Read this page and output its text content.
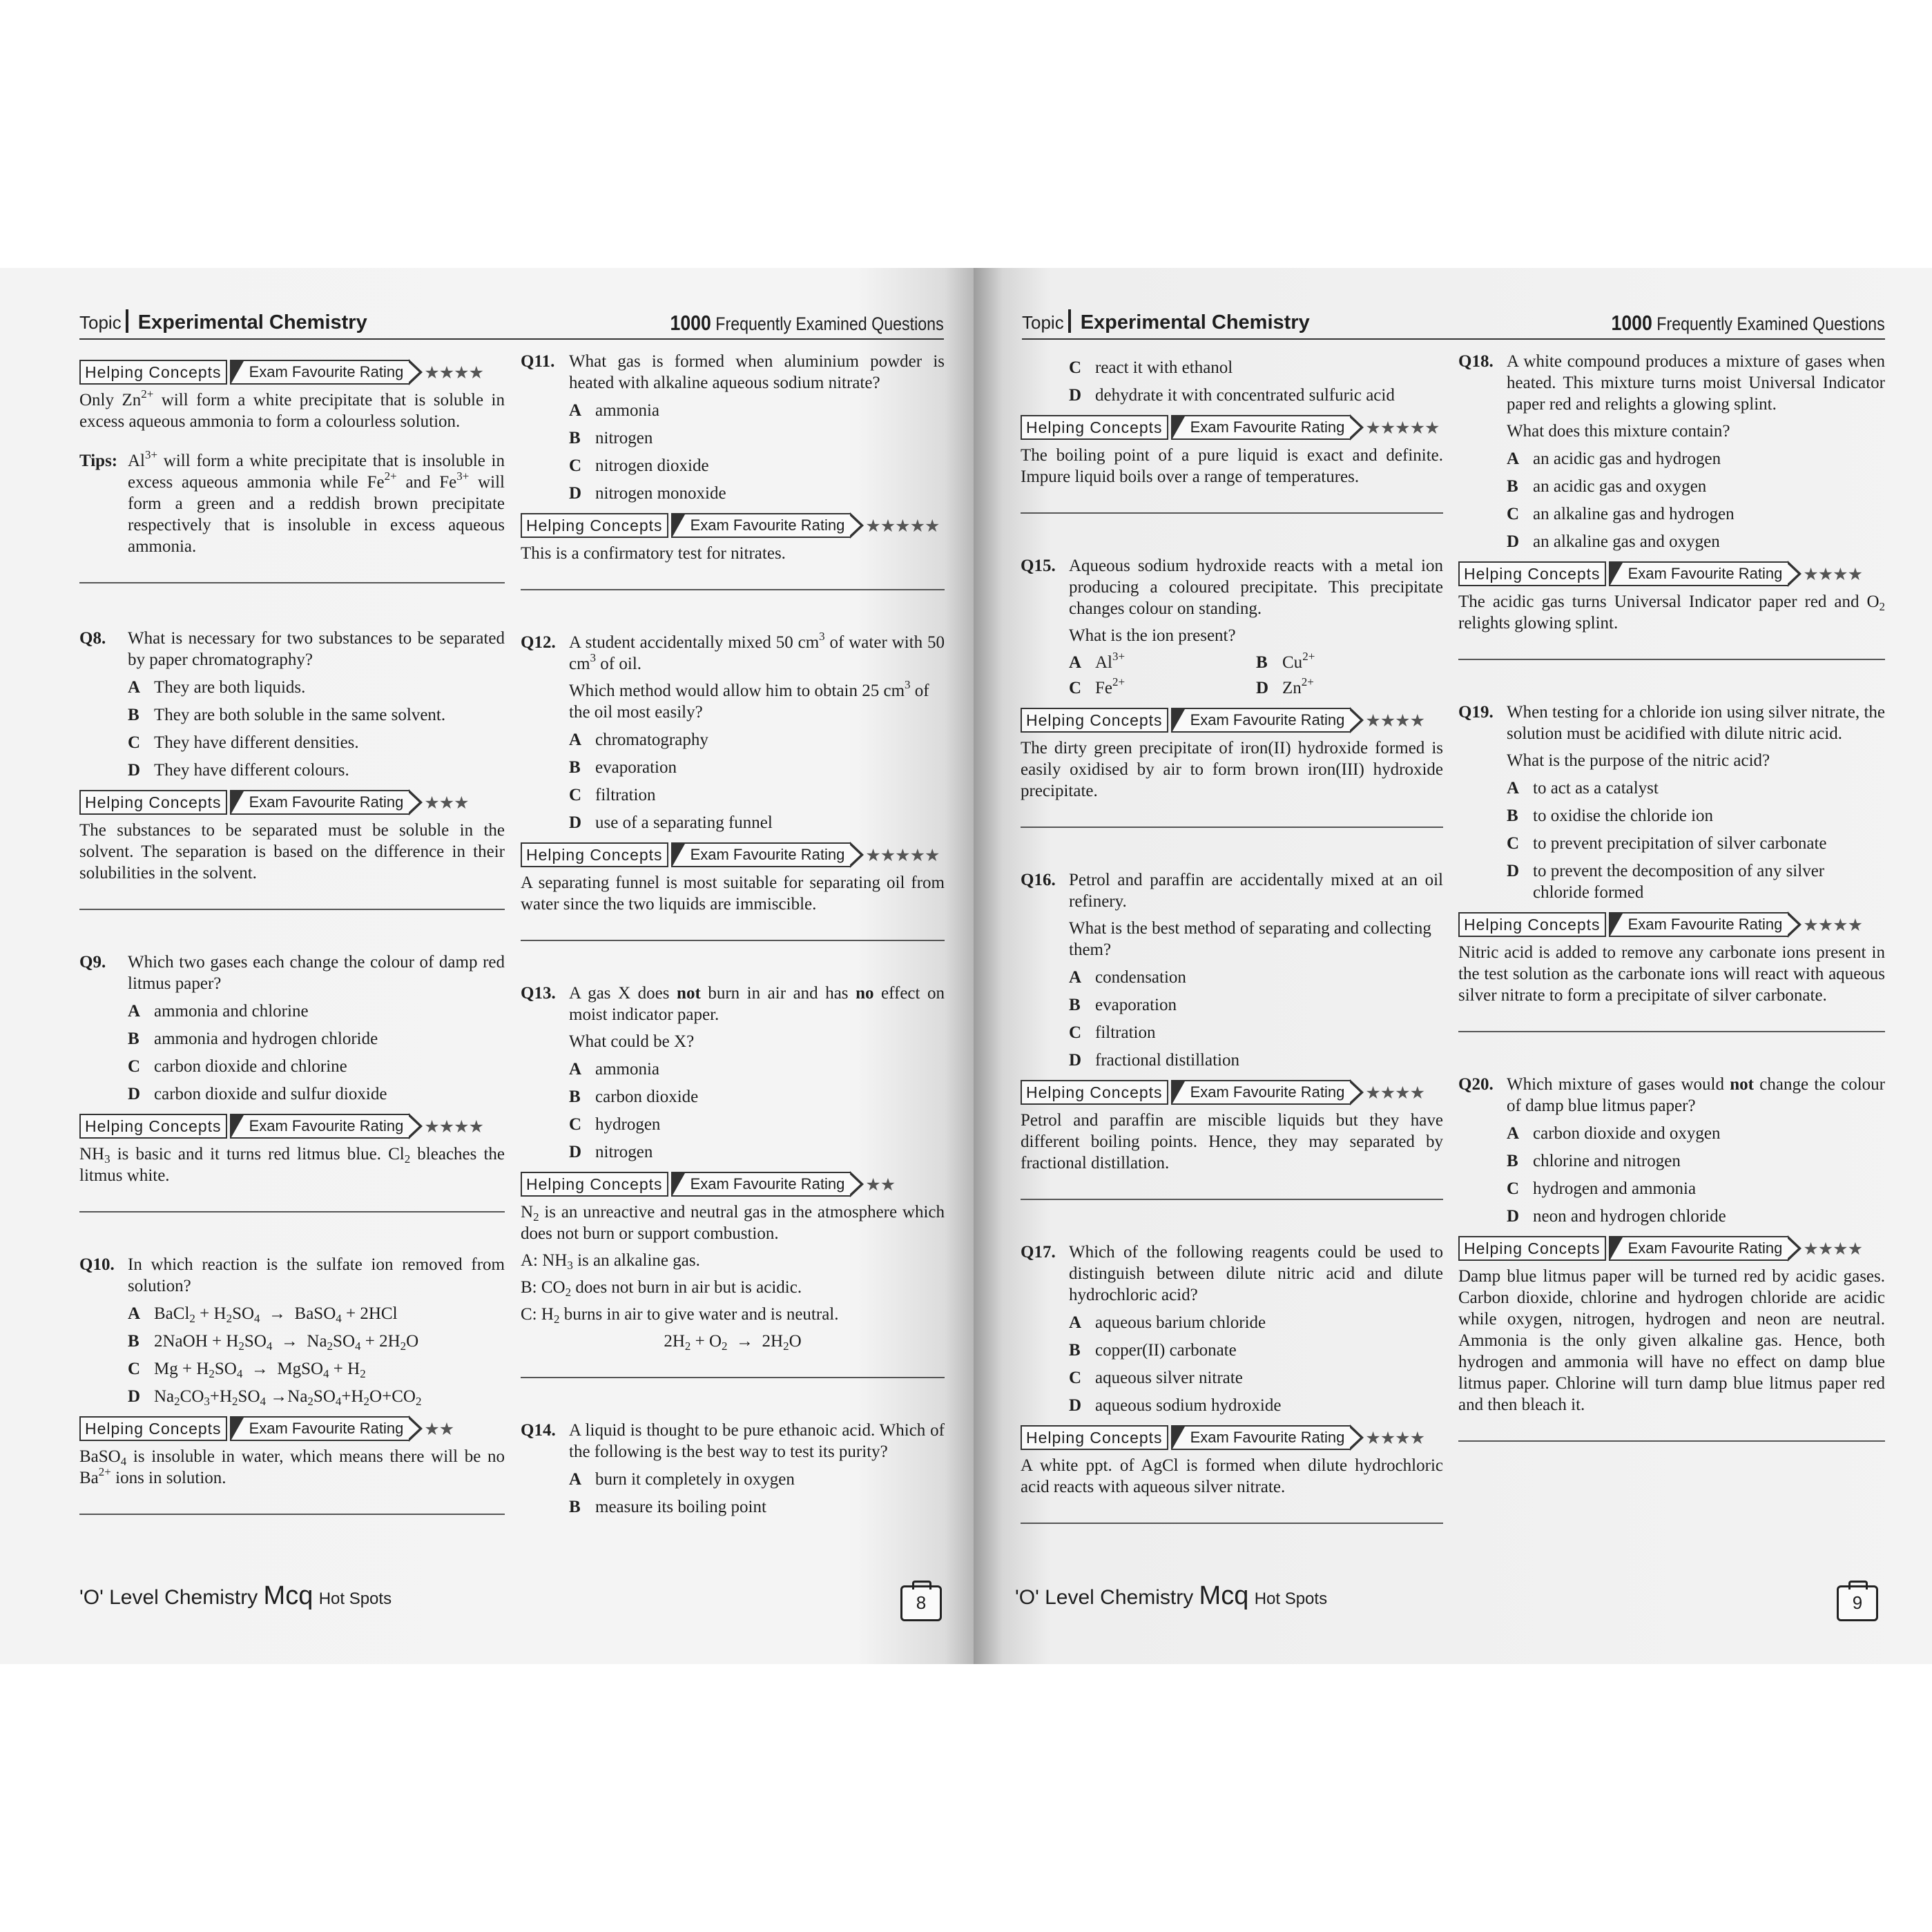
Topic Experimental Chemistry	1000 Frequently Examined Questions
Helping Concepts	Exam Favourite Rating	★★★★
Only $Zn^{2+}$ will form a white precipitate that is soluble in excess aqueous ammonia to form a colourless solution.
Tips: $Al^{3+}$ will form a white precipitate that is insoluble in excess aqueous ammonia while $Fe^{2+}$ and $Fe^{3+}$ will form a green and a reddish brown precipitate respectively that is insoluble in excess aqueous ammonia.
Q8.	What is necessary for two substances to be separated by paper chromatography?
A They are both liquids.
B They are both soluble in the same solvent.
C They have different densities.
D They have different colours.
Helping Concepts	Exam Favourite Rating	★★★
The substances to be separated must be soluble in the solvent. The separation is based on the difference in their solubilities in the solvent.
Q9.	Which two gases each change the colour of damp red litmus paper?
A ammonia and chlorine
B ammonia and hydrogen chloride
C carbon dioxide and chlorine
D carbon dioxide and sulfur dioxide
Helping Concepts	Exam Favourite Rating	★★★★
$NH_3$ is basic and it turns red litmus blue. $Cl_2$ bleaches the litmus white.
Q10. In which reaction is the sulfate ion removed from solution?
A BaCl$_2$ + $H_2SO_4$  →  BaSO$_4$ + 2HCl
B 2NaOH + $H_2SO_4 \to Na_2SO_4 + 2H_2O$
C $Mg + H_2SO_4$  →  MgSO$_4$ + $H_2$
D $Na_2CO_3+H_2SO_4 \to Na_2SO_4+H_2O+CO_2$
Helping Concepts	Exam Favourite Rating	★★
BaSO$_4$ is insoluble in water, which means there will be no $Ba^{2+}$ ions in solution.
Q11. What gas is formed when aluminium powder is heated with alkaline aqueous sodium nitrate?
A ammonia
B nitrogen
C nitrogen dioxide
D nitrogen monoxide
Helping Concepts	Exam Favourite Rating	★★★★★
This is a confirmatory test for nitrates.
Q12. A student accidentally mixed 50 $cm^3$ of water with 50 $cm^3$ of oil.
Which method would allow him to obtain 25 $cm^3$ of the oil most easily?
A chromatography
B evaporation
C filtration
D use of a separating funnel
Helping Concepts	Exam Favourite Rating	★★★★★
A separating funnel is most suitable for separating oil from water since the two liquids are immiscible.
Q13. A gas X does not burn in air and has no effect on moist indicator paper.
What could be X?
A ammonia
B carbon dioxide
C hydrogen
D nitrogen
Helping Concepts	Exam Favourite Rating	★★
$N_2$ is an unreactive and neutral gas in the atmosphere which does not burn or support combustion.
A: $NH_3$ is an alkaline gas.
B: $CO_2$ does not burn in air but is acidic.
C: $H_2$ burns in air to give water and is neutral.
$2H_2 + O_2 \to 2H_2O$
Q14. A liquid is thought to be pure ethanoic acid. Which of the following is the best way to test its purity?
A burn it completely in oxygen
B measure its boiling point
'O' Level Chemistry Mcq Hot Spots	8
Topic Experimental Chemistry	1000 Frequently Examined Questions
C react it with ethanol
D dehydrate it with concentrated sulfuric acid
Helping Concepts	Exam Favourite Rating	★★★★★
The boiling point of a pure liquid is exact and definite. Impure liquid boils over a range of temperatures.
Q15. Aqueous sodium hydroxide reacts with a metal ion producing a coloured precipitate. This precipitate changes colour on standing.
What is the ion present?
A $Al^{3+}$	B $Cu^{2+}$
C $Fe^{2+}$	D $Zn^{2+}$
Helping Concepts	Exam Favourite Rating	★★★★
The dirty green precipitate of iron(II) hydroxide formed is easily oxidised by air to form brown iron(III) hydroxide precipitate.
Q16. Petrol and paraffin are accidentally mixed at an oil refinery.
What is the best method of separating and collecting them?
A condensation
B evaporation
C filtration
D fractional distillation
Helping Concepts	Exam Favourite Rating	★★★★
Petrol and paraffin are miscible liquids but they have different boiling points. Hence, they may separated by fractional distillation.
Q17. Which of the following reagents could be used to distinguish between dilute nitric acid and dilute hydrochloric acid?
A aqueous barium chloride
B copper(II) carbonate
C aqueous silver nitrate
D aqueous sodium hydroxide
Helping Concepts	Exam Favourite Rating	★★★★
A white ppt. of AgCl is formed when dilute hydrochloric acid reacts with aqueous silver nitrate.
Q18. A white compound produces a mixture of gases when heated. This mixture turns moist Universal Indicator paper red and relights a glowing splint.
What does this mixture contain?
A an acidic gas and hydrogen
B an acidic gas and oxygen
C an alkaline gas and hydrogen
D an alkaline gas and oxygen
Helping Concepts	Exam Favourite Rating	★★★★
The acidic gas turns Universal Indicator paper red and $O_2$ relights glowing splint.
Q19. When testing for a chloride ion using silver nitrate, the solution must be acidified with dilute nitric acid.
What is the purpose of the nitric acid?
A to act as a catalyst
B to oxidise the chloride ion
C to prevent precipitation of silver carbonate
D to prevent the decomposition of any silver chloride formed
Helping Concepts	Exam Favourite Rating	★★★★
Nitric acid is added to remove any carbonate ions present in the test solution as the carbonate ions will react with aqueous silver nitrate to form a precipitate of silver carbonate.
Q20. Which mixture of gases would not change the colour of damp blue litmus paper?
A carbon dioxide and oxygen
B chlorine and nitrogen
C hydrogen and ammonia
D neon and hydrogen chloride
Helping Concepts	Exam Favourite Rating	★★★★
Damp blue litmus paper will be turned red by acidic gases. Carbon dioxide, chlorine and hydrogen chloride are acidic while oxygen, nitrogen, hydrogen and neon are neutral. Ammonia is the only given alkaline gas. Hence, both hydrogen and ammonia will have no effect on damp blue litmus paper. Chlorine will turn damp blue litmus paper red and then bleach it.
'O' Level Chemistry Mcq Hot Spots	9
